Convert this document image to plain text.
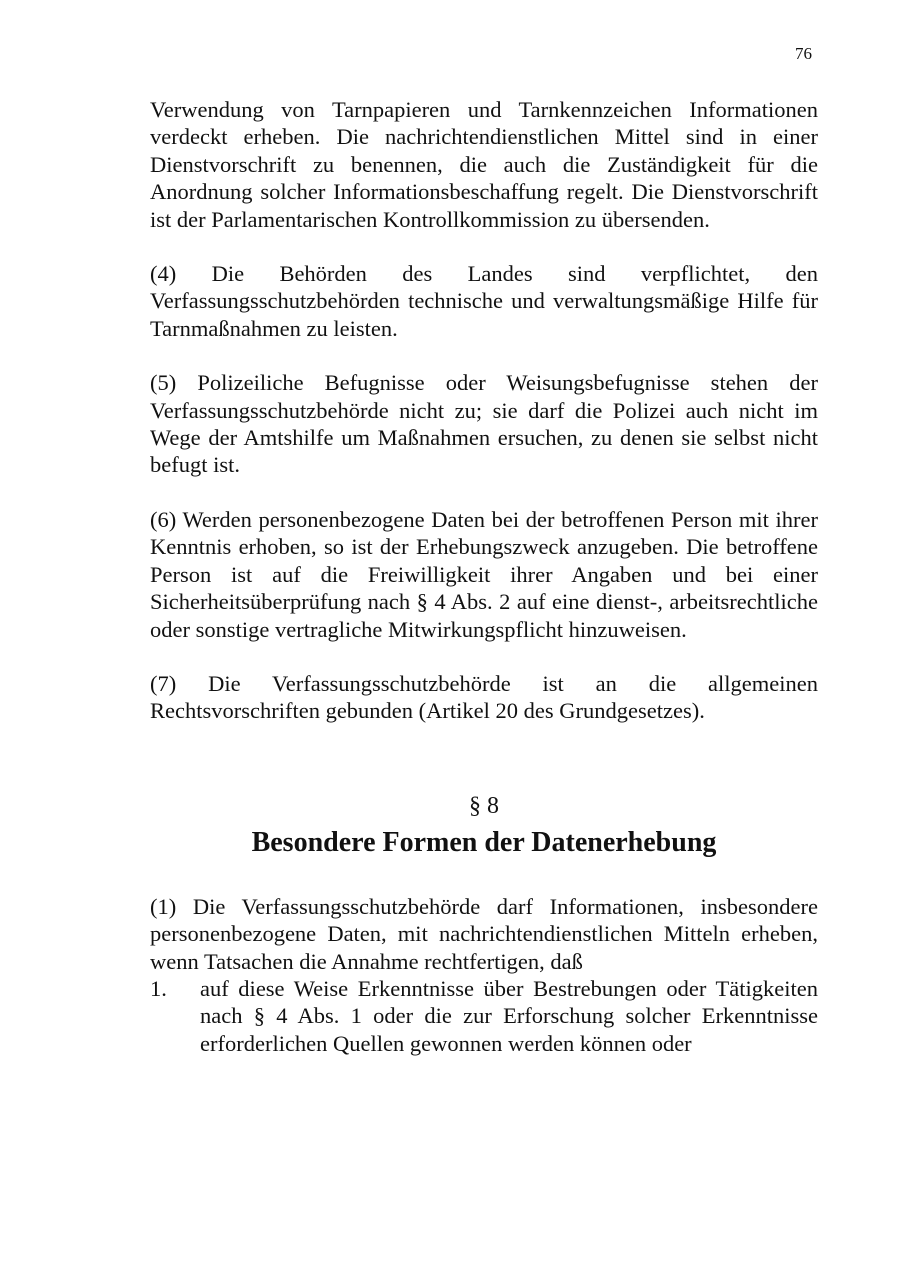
76

Verwendung von Tarnpapieren und Tarnkennzeichen Informationen verdeckt erheben. Die nachrichtendienstlichen Mittel sind in einer Dienstvorschrift zu benennen, die auch die Zuständigkeit für die Anordnung solcher Informationsbeschaffung regelt. Die Dienstvorschrift ist der Parlamentarischen Kontrollkommission zu übersenden.

(4) Die Behörden des Landes sind verpflichtet, den Verfassungsschutzbehörden technische und verwaltungsmäßige Hilfe für Tarnmaßnahmen zu leisten.

(5) Polizeiliche Befugnisse oder Weisungsbefugnisse stehen der Verfassungsschutzbehörde nicht zu; sie darf die Polizei auch nicht im Wege der Amtshilfe um Maßnahmen ersuchen, zu denen sie selbst nicht befugt ist.

(6) Werden personenbezogene Daten bei der betroffenen Person mit ihrer Kenntnis erhoben, so ist der Erhebungszweck anzugeben. Die betroffene Person ist auf die Freiwilligkeit ihrer Angaben und bei einer Sicherheitsüberprüfung nach § 4 Abs. 2 auf eine dienst-, arbeitsrechtliche oder sonstige vertragliche Mitwirkungspflicht hinzuweisen.

(7) Die Verfassungsschutzbehörde ist an die allgemeinen Rechtsvorschriften gebunden (Artikel 20 des Grundgesetzes).

§ 8
Besondere Formen der Datenerhebung

(1) Die Verfassungsschutzbehörde darf Informationen, insbesondere personenbezogene Daten, mit nachrichtendienstlichen Mitteln erheben, wenn Tatsachen die Annahme rechtfertigen, daß

1.	auf diese Weise Erkenntnisse über Bestrebungen oder Tätigkeiten nach § 4 Abs. 1 oder die zur Erforschung solcher Erkenntnisse erforderlichen Quellen gewonnen werden können oder
